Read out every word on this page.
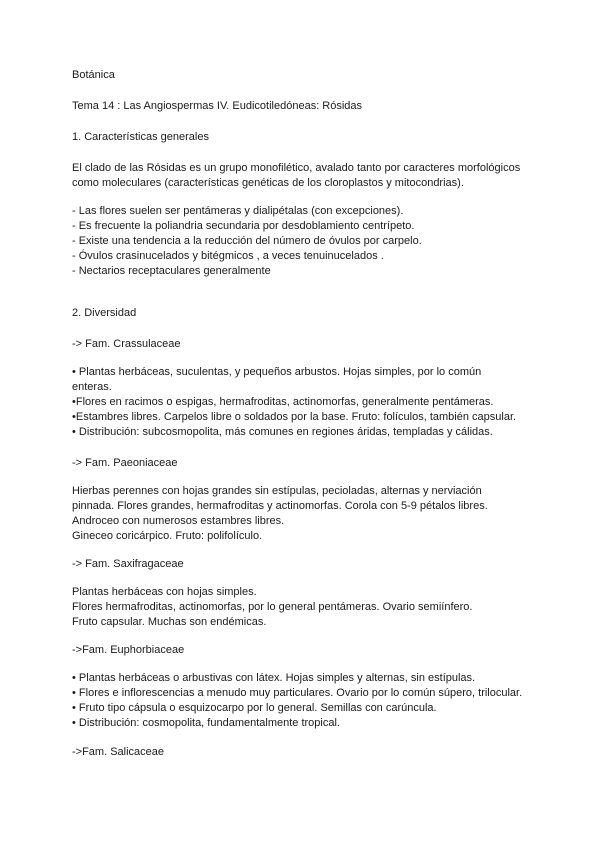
Botánica
Tema 14 : Las Angiospermas IV. Eudicotiledóneas: Rósidas
1. Características generales
El clado de las Rósidas es un grupo monofilético, avalado tanto por caracteres morfológicos
como moleculares (características genéticas de los cloroplastos y mitocondrias).
- Las flores suelen ser pentámeras y dialipétalas (con excepciones).
- Es frecuente la poliandria secundaria por desdoblamiento centrípeto.
- Existe una tendencia a la reducción del número de óvulos por carpelo.
- Óvulos crasinucelados y bitégmicos , a veces tenuinucelados .
- Nectarios receptaculares generalmente
2. Diversidad
-> Fam. Crassulaceae
• Plantas herbáceas, suculentas, y pequeños arbustos. Hojas simples, por lo común
enteras.
•Flores en racimos o espigas, hermafroditas, actinomorfas, generalmente pentámeras.
•Estambres libres. Carpelos libre o soldados por la base. Fruto: folículos, también capsular.
• Distribución: subcosmopolita, más comunes en regiones áridas, templadas y cálidas.
-> Fam. Paeoniaceae
Hierbas perennes con hojas grandes sin estípulas, pecioladas, alternas y nerviación
pinnada. Flores grandes, hermafroditas y actinomorfas. Corola con 5-9 pétalos libres.
Androceo con numerosos estambres libres.
Gineceo coricárpico. Fruto: polifolículo.
-> Fam. Saxifragaceae
Plantas herbáceas con hojas simples.
Flores hermafroditas, actinomorfas, por lo general pentámeras. Ovario semiínfero.
Fruto capsular. Muchas son endémicas.
->Fam. Euphorbiaceae
• Plantas herbáceas o arbustivas con látex. Hojas simples y alternas, sin estípulas.
• Flores e inflorescencias a menudo muy particulares. Ovario por lo común súpero, trilocular.
• Fruto tipo cápsula o esquizocarpo por lo general. Semillas con carúncula.
• Distribución: cosmopolita, fundamentalmente tropical.
->Fam. Salicaceae
